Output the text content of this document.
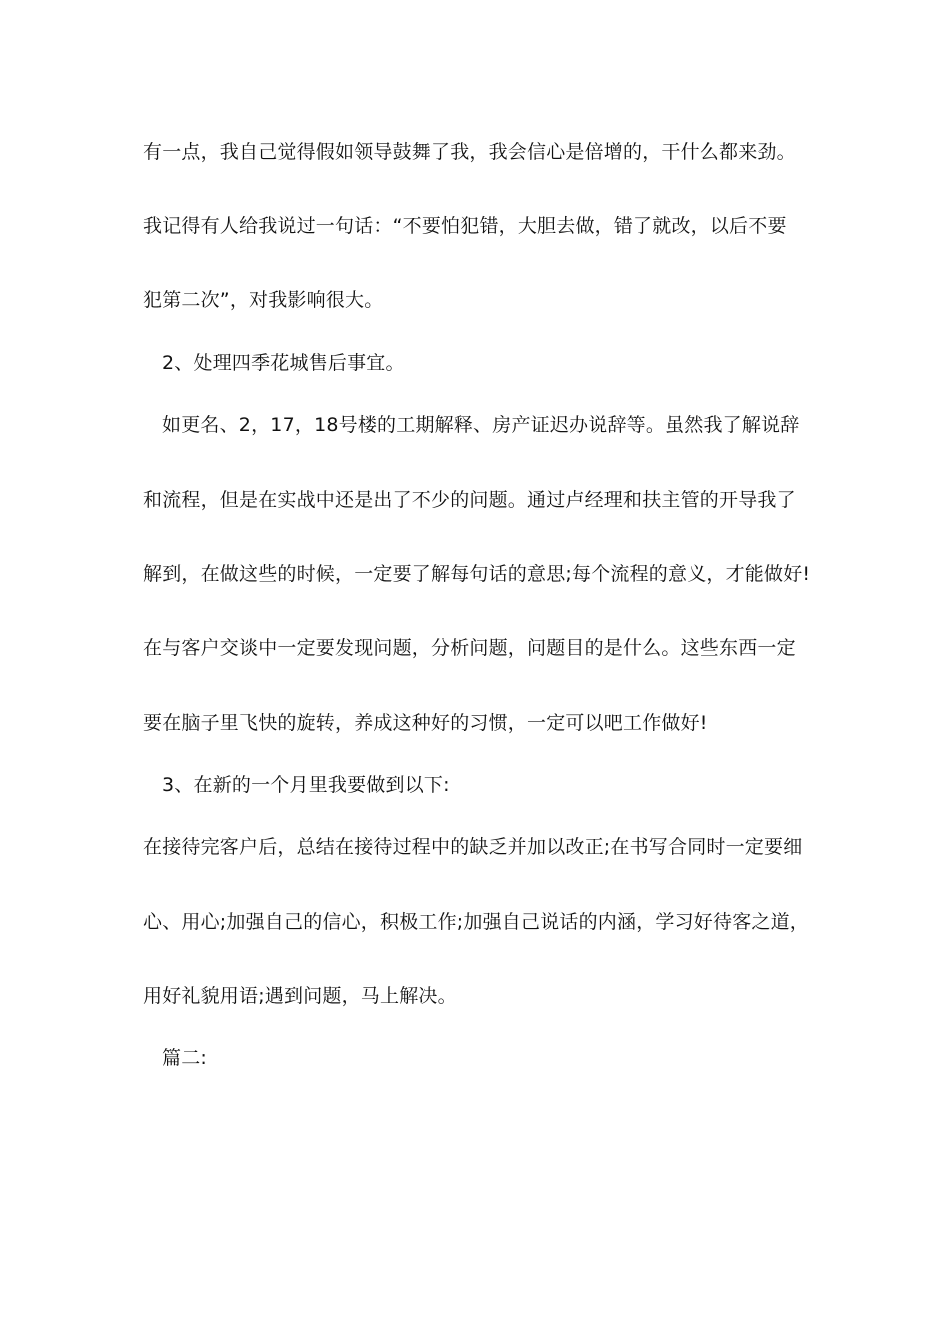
有一点，我自己觉得假如领导鼓舞了我，我会信心是倍增的，干什么都来劲。
我记得有人给我说过一句话：“不要怕犯错，大胆去做，错了就改，以后不要
犯第二次”，对我影响很大。
2、处理四季花城售后事宜。
如更名、2，17，18号楼的工期解释、房产证迟办说辞等。虽然我了解说辞
和流程，但是在实战中还是出了不少的问题。通过卢经理和扶主管的开导我了
解到，在做这些的时候，一定要了解每句话的意思;每个流程的意义，才能做好!
在与客户交谈中一定要发现问题，分析问题，问题目的是什么。这些东西一定
要在脑子里飞快的旋转，养成这种好的习惯，一定可以吧工作做好!
3、在新的一个月里我要做到以下:
在接待完客户后，总结在接待过程中的缺乏并加以改正;在书写合同时一定要细
心、用心;加强自己的信心，积极工作;加强自己说话的内涵，学习好待客之道，
用好礼貌用语;遇到问题，马上解决。
篇二:
